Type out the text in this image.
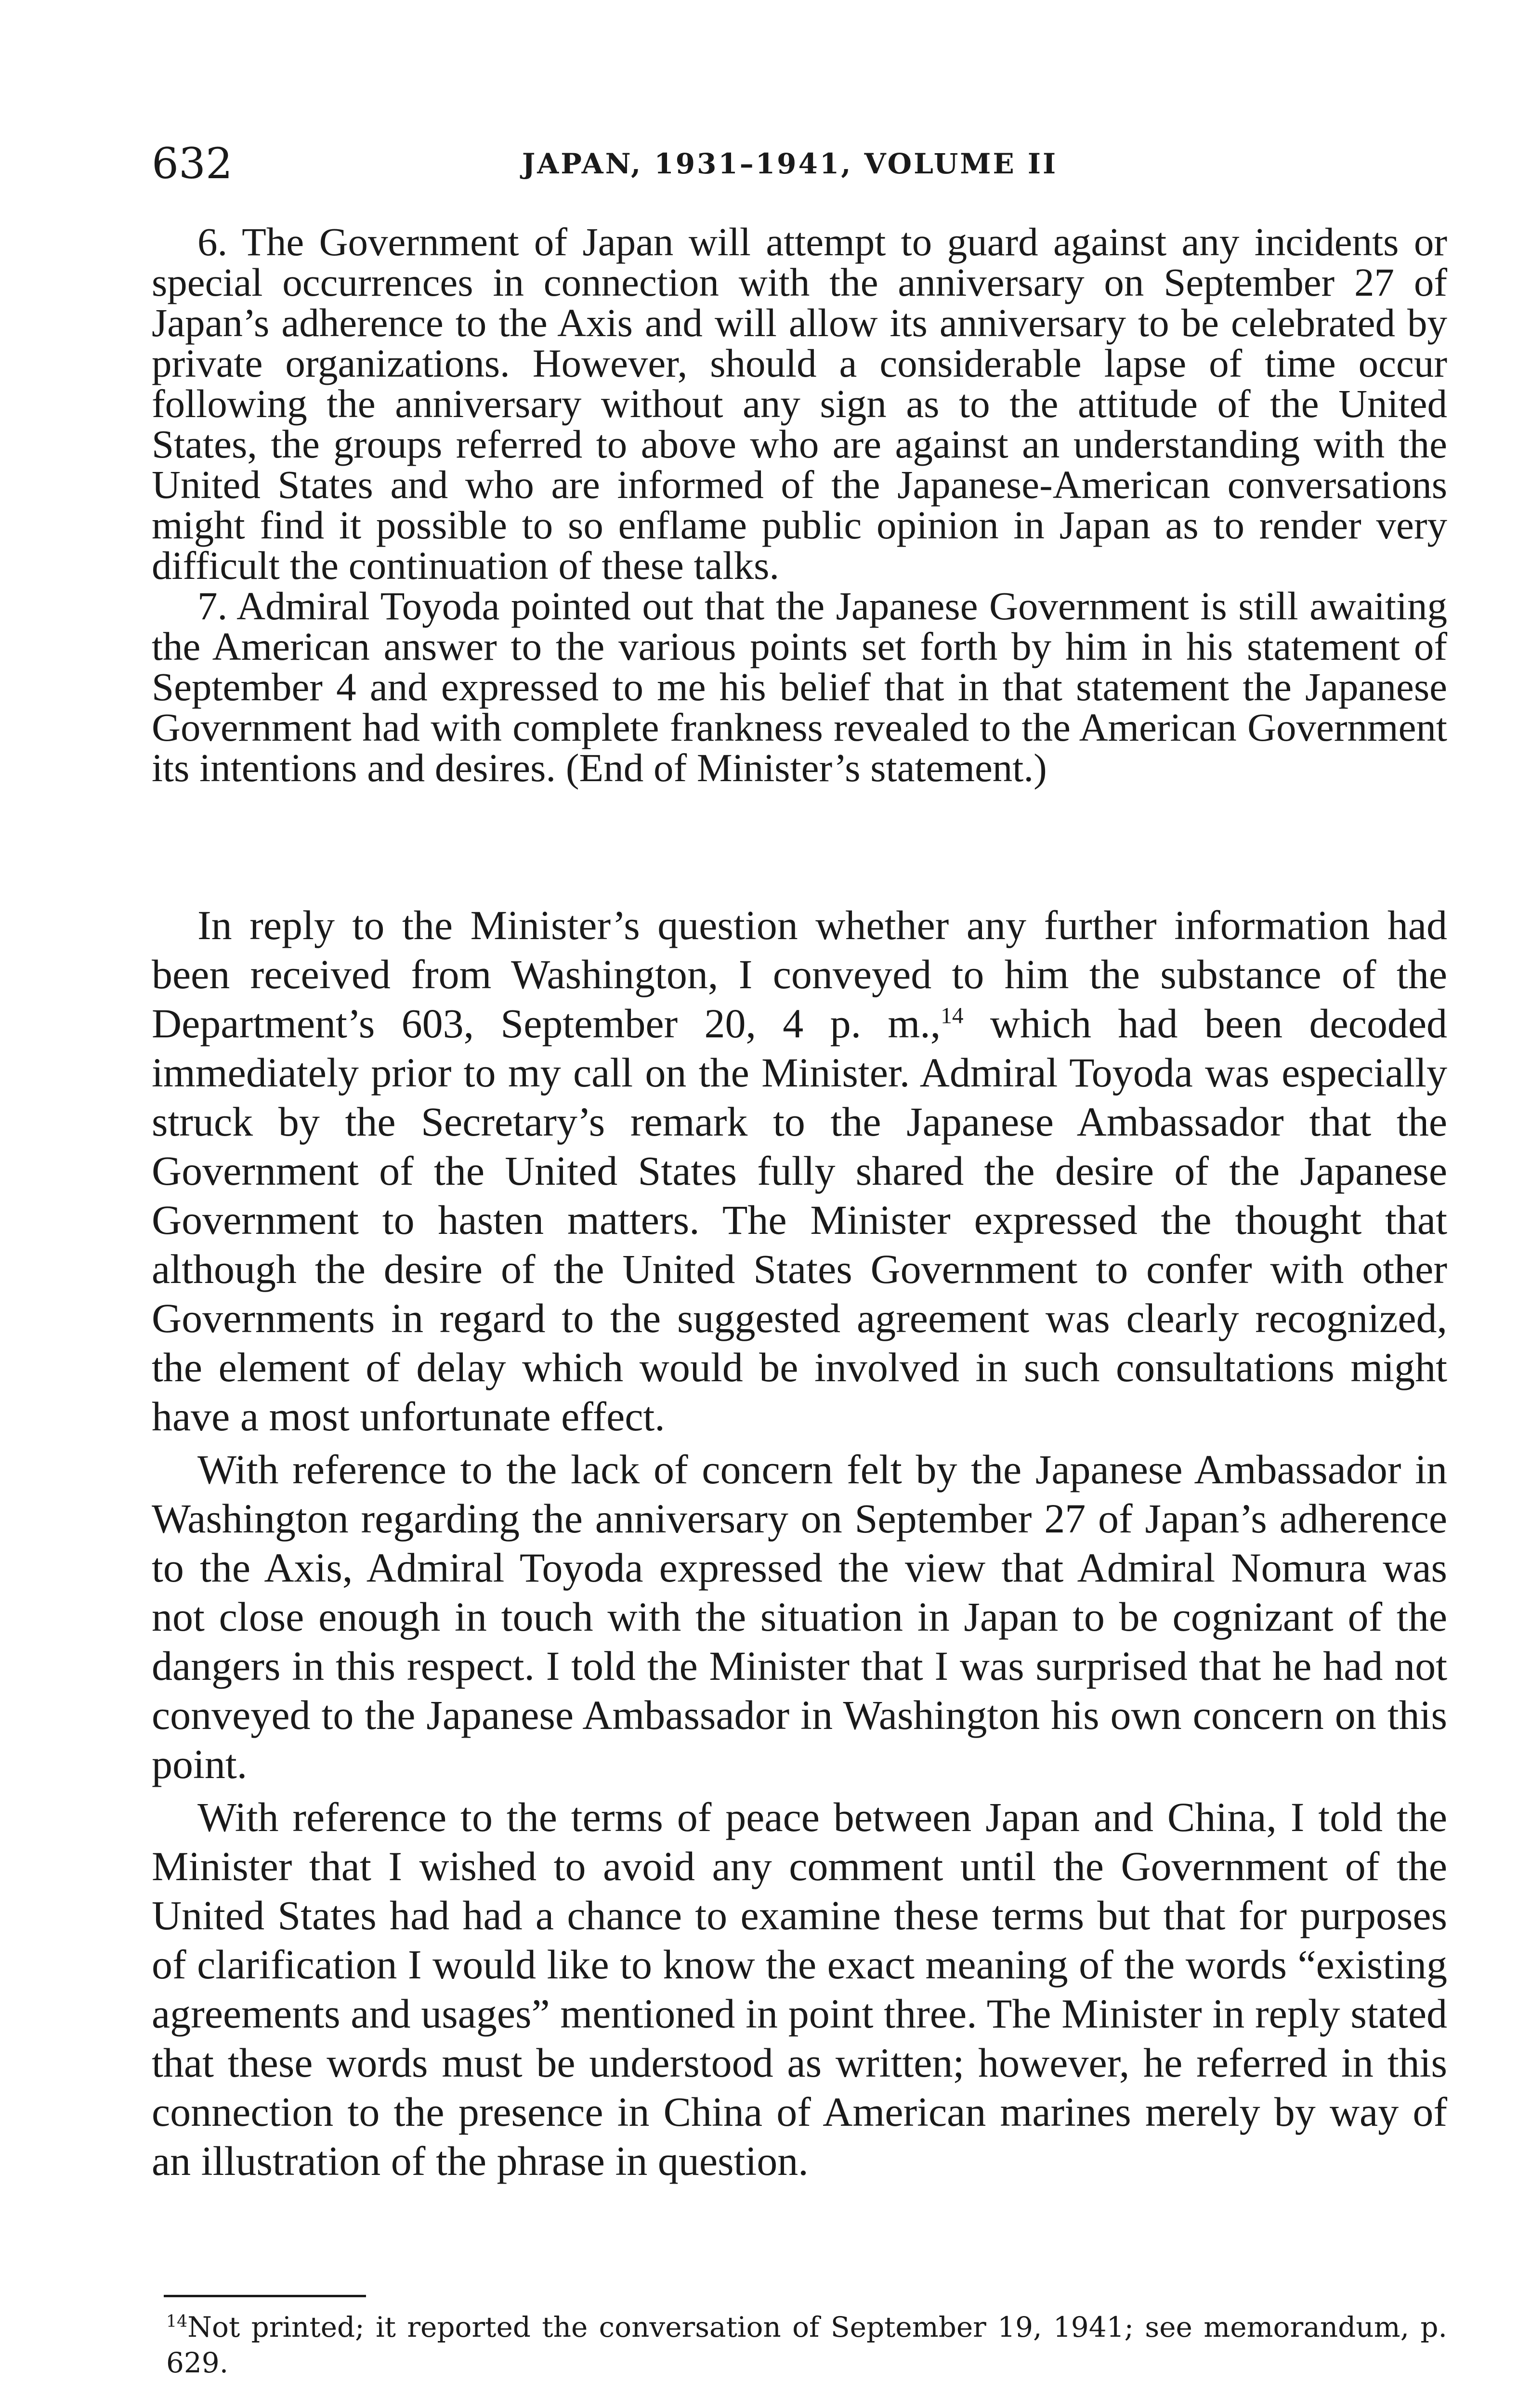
632	JAPAN, 1931–1941, VOLUME II

6. The Government of Japan will attempt to guard against any incidents or special occurrences in connection with the anniversary on September 27 of Japan’s adherence to the Axis and will allow its anniversary to be celebrated by private organizations. However, should a considerable lapse of time occur following the anniversary without any sign as to the attitude of the United States, the groups referred to above who are against an understanding with the United States and who are informed of the Japanese-American conversations might find it possible to so enflame public opinion in Japan as to render very difficult the continuation of these talks.

7. Admiral Toyoda pointed out that the Japanese Government is still awaiting the American answer to the various points set forth by him in his statement of September 4 and expressed to me his belief that in that statement the Japanese Government had with complete frankness revealed to the American Government its intentions and desires. (End of Minister’s statement.)

In reply to the Minister’s question whether any further information had been received from Washington, I conveyed to him the substance of the Department’s 603, September 20, 4 p. m.,$^{14}$ which had been decoded immediately prior to my call on the Minister. Admiral Toyoda was especially struck by the Secretary’s remark to the Japanese Ambassador that the Government of the United States fully shared the desire of the Japanese Government to hasten matters. The Minister expressed the thought that although the desire of the United States Government to confer with other Governments in regard to the suggested agreement was clearly recognized, the element of delay which would be involved in such consultations might have a most unfortunate effect.

With reference to the lack of concern felt by the Japanese Ambassador in Washington regarding the anniversary on September 27 of Japan’s adherence to the Axis, Admiral Toyoda expressed the view that Admiral Nomura was not close enough in touch with the situation in Japan to be cognizant of the dangers in this respect. I told the Minister that I was surprised that he had not conveyed to the Japanese Ambassador in Washington his own concern on this point.

With reference to the terms of peace between Japan and China, I told the Minister that I wished to avoid any comment until the Government of the United States had had a chance to examine these terms but that for purposes of clarification I would like to know the exact meaning of the words “existing agreements and usages” mentioned in point three. The Minister in reply stated that these words must be understood as written; however, he referred in this connection to the presence in China of American marines merely by way of an illustration of the phrase in question.

$^{14}$Not printed; it reported the conversation of September 19, 1941; see memorandum, p. 629.
